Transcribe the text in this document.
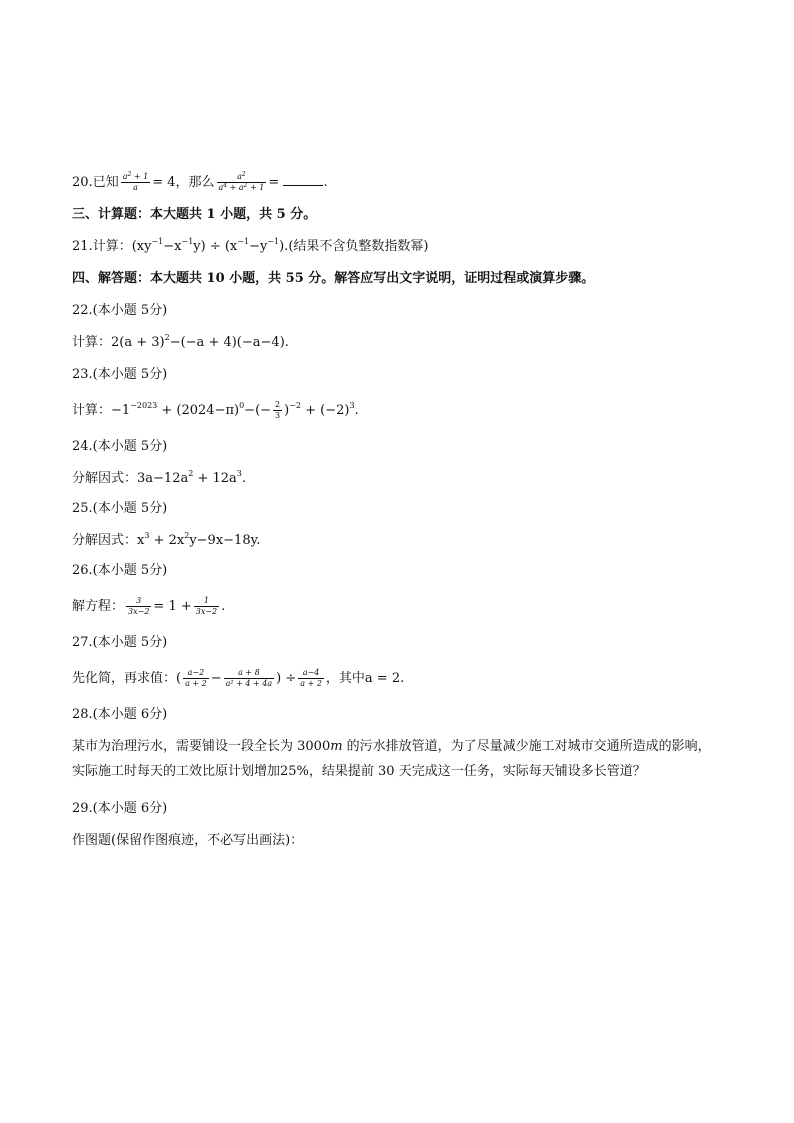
20.已知 $\frac{a^2 + 1}{a} = 4$，那么 $\frac{a^2}{a^4 + a^2 + 1}$ =	.
三、计算题：本大题共 1 小题，共 5 分。
21.计算：$(xy^{-1}-x^{-1}y) \div (x^{-1}-y^{-1})$.(结果不含负整数指数幂)
四、解答题：本大题共 10 小题，共 55 分。解答应写出文字说明，证明过程或演算步骤。
22.(本小题 5分)
计算：$2(a + 3)^2-(-a + 4)(-a-4)$.
23.(本小题 5分)
计算：$-1^{-2023} + (2024-\pi)^0-(- \frac{2}{3} )^{-2} + (-2)^3$.
24.(本小题 5分)
分解因式：$3a-12a^2 + 12a^3$.
25.(本小题 5分)
分解因式：$x^3 + 2x^2y-9x-18y$.
26.(本小题 5分)
解方程： $\frac{3}{3x-2} = 1 + \frac{1}{3x-2}$ .
27.(本小题 5分)
先化简，再求值：( $\frac{a-2}{a + 2} - \frac{a + 8}{\text{a² + 4 + 4a}}$ ) ÷ $\frac{a-4}{a + 2}$ ，其中a = 2.
28.(本小题 6分)
某市为治理污水，需要铺设一段全长为 3000m 的污水排放管道，为了尽量减少施工对城市交通所造成的影响，实际施工时每天的工效比原计划增加25%，结果提前 30 天完成这一任务，实际每天铺设多长管道？
29.(本小题 6分)
作图题(保留作图痕迹，不必写出画法)：
